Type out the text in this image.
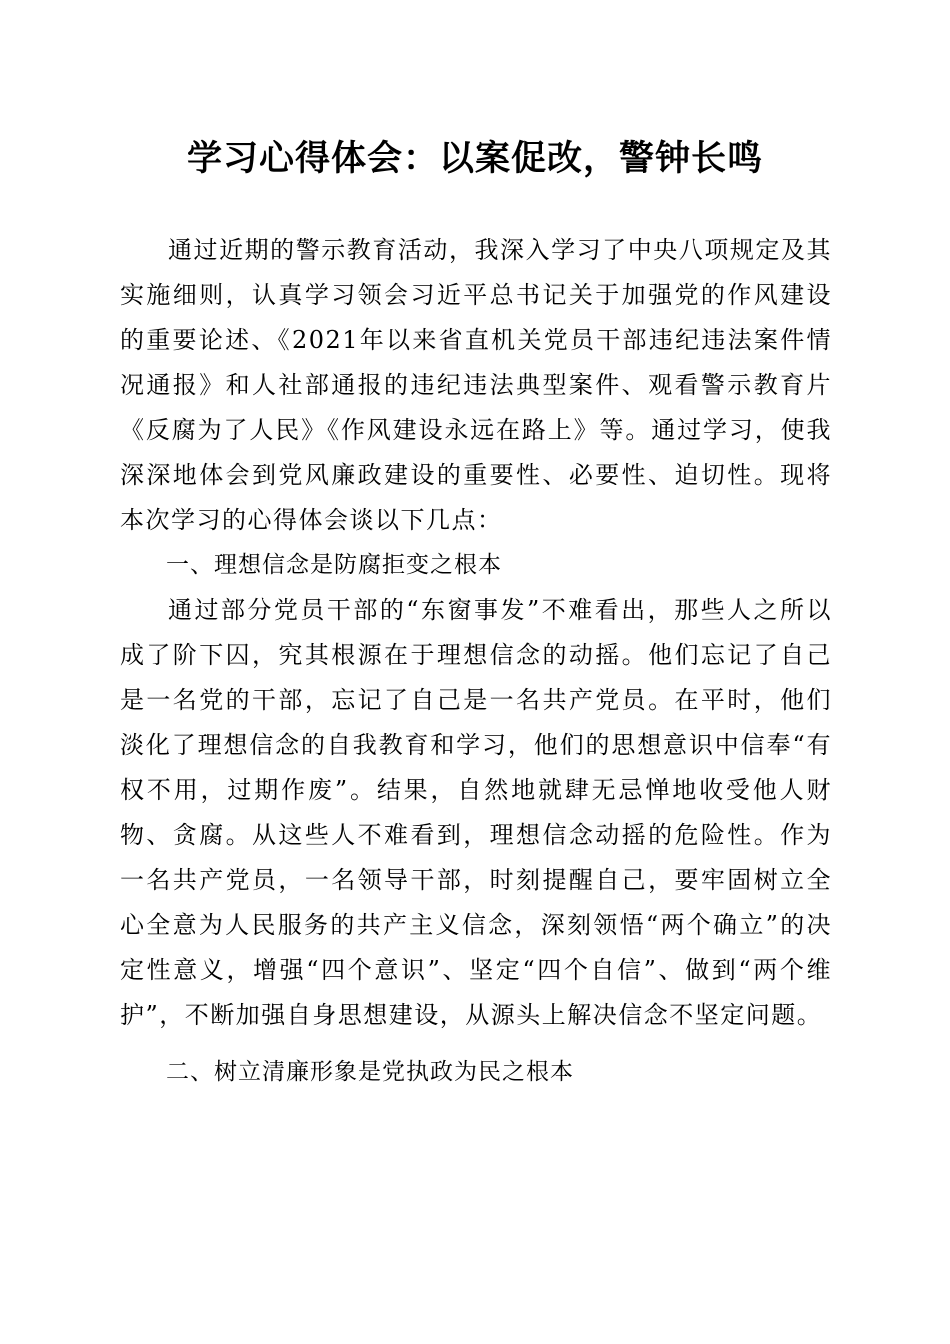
学习心得体会：以案促改，警钟长鸣

通过近期的警示教育活动，我深入学习了中央八项规定及其实施细则，认真学习领会习近平总书记关于加强党的作风建设的重要论述、《2021年以来省直机关党员干部违纪违法案件情况通报》和人社部通报的违纪违法典型案件、观看警示教育片《反腐为了人民》《作风建设永远在路上》等。通过学习，使我深深地体会到党风廉政建设的重要性、必要性、迫切性。现将本次学习的心得体会谈以下几点：

一、理想信念是防腐拒变之根本

通过部分党员干部的“东窗事发”不难看出，那些人之所以成了阶下囚，究其根源在于理想信念的动摇。他们忘记了自己是一名党的干部，忘记了自己是一名共产党员。在平时，他们淡化了理想信念的自我教育和学习，他们的思想意识中信奉“有权不用，过期作废”。结果，自然地就肆无忌惮地收受他人财物、贪腐。从这些人不难看到，理想信念动摇的危险性。作为一名共产党员，一名领导干部，时刻提醒自己，要牢固树立全心全意为人民服务的共产主义信念，深刻领悟“两个确立”的决定性意义，增强“四个意识”、坚定“四个自信”、做到“两个维护”，不断加强自身思想建设，从源头上解决信念不坚定问题。

二、树立清廉形象是党执政为民之根本
